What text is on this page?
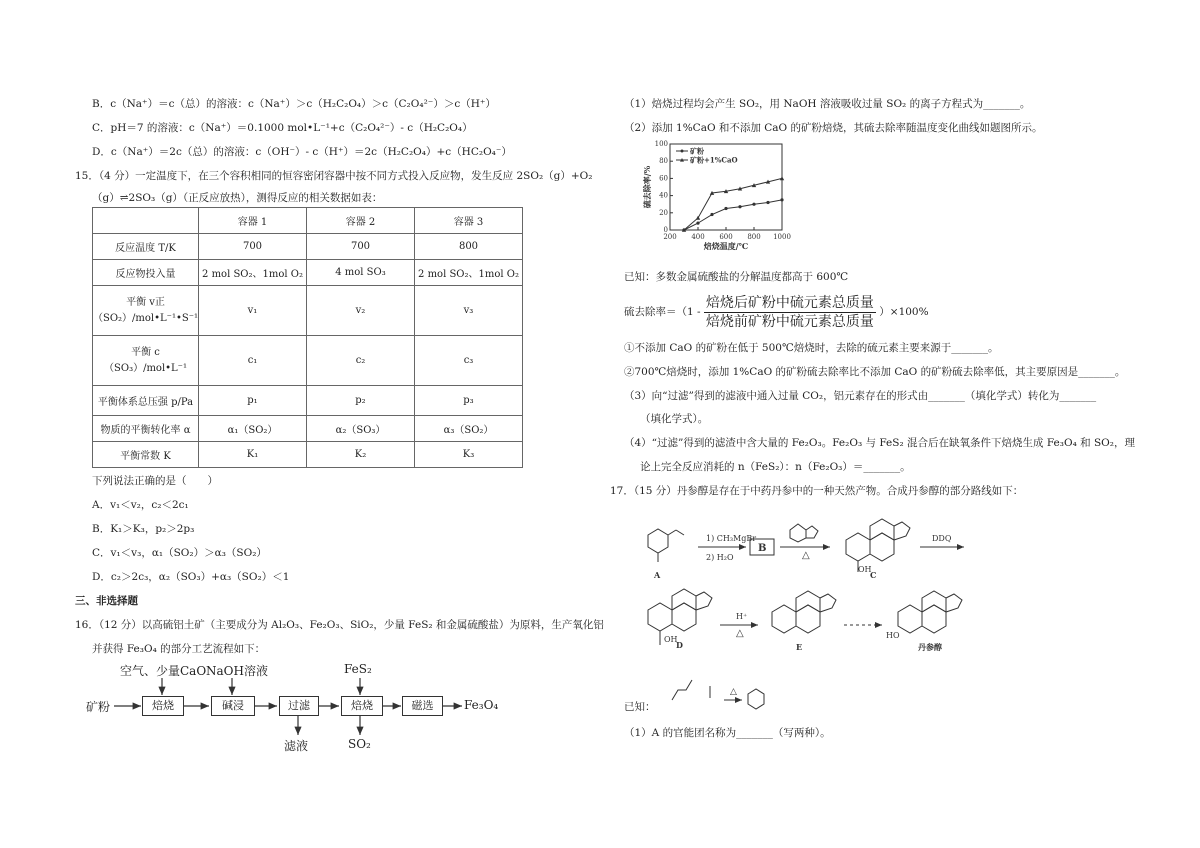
B．c（Na⁺）＝c（总）的溶液：c（Na⁺）＞c（H₂C₂O₄）＞c（C₂O₄²⁻）＞c（H⁺）
C．pH＝7 的溶液：c（Na⁺）＝0.1000 mol•L⁻¹+c（C₂O₄²⁻）- c（H₂C₂O₄）
D．c（Na⁺）＝2c（总）的溶液：c（OH⁻）- c（H⁺）＝2c（H₂C₂O₄）+c（HC₂O₄⁻）
15．（4 分）一定温度下，在三个容积相同的恒容密闭容器中按不同方式投入反应物，发生反应 2SO₂（g）+O₂
（g）⇌2SO₃（g）（正反应放热），测得反应的相关数据如表：
	容器 1	容器 2	容器 3
反应温度 T/K	700	700	800
反应物投入量	2 mol SO₂、1mol O₂	4 mol SO₃	2 mol SO₂、1mol O₂
平衡 v正（SO₂）/mol•L⁻¹•S⁻¹	v₁	v₂	v₃
平衡 c（SO₃）/mol•L⁻¹	c₁	c₂	c₃
平衡体系总压强 p/Pa	p₁	p₂	p₃
物质的平衡转化率 α	α₁（SO₂）	α₂（SO₃）	α₃（SO₂）
平衡常数 K	K₁	K₂	K₃
下列说法正确的是（　　）
A．v₁＜v₂，c₂＜2c₁
B．K₁＞K₃，p₂＞2p₃
C．v₁＜v₃，α₁（SO₂）＞α₃（SO₂）
D．c₂＞2c₃，α₂（SO₃）+α₃（SO₂）＜1
三、非选择题
16．（12 分）以高硫铝土矿（主要成分为 Al₂O₃、Fe₂O₃、SiO₂，少量 FeS₂ 和金属硫酸盐）为原料，生产氧化铝
并获得 Fe₃O₄ 的部分工艺流程如下：
矿粉	焙烧	碱浸	过滤	焙烧	磁选	Fe₃O₄
空气、少量CaO NaOH溶液	FeS₂
滤液	SO₂
（1）焙烧过程均会产生 SO₂，用 NaOH 溶液吸收过量 SO₂ 的离子方程式为_______。
（2）添加 1%CaO 和不添加 CaO 的矿粉焙烧，其硫去除率随温度变化曲线如题图所示。
200 400 600 800 1000
0
20
40
60
80
100
焙烧温度/℃
硫去除率/%
矿粉
矿粉+1%CaO
已知：多数金属硫酸盐的分解温度都高于 600℃
硫去除率＝（1 -
焙烧后矿粉中硫元素总质量
焙烧前矿粉中硫元素总质量
）×100%
①不添加 CaO 的矿粉在低于 500℃焙烧时，去除的硫元素主要来源于_______。
②700℃焙烧时，添加 1%CaO 的矿粉硫去除率比不添加 CaO 的矿粉硫去除率低，其主要原因是_______。
（3）向“过滤”得到的滤液中通入过量 CO₂，铝元素存在的形式由_______（填化学式）转化为_______
（填化学式）。
（4）“过滤”得到的滤渣中含大量的 Fe₂O₃。Fe₂O₃ 与 FeS₂ 混合后在缺氧条件下焙烧生成 Fe₃O₄ 和 SO₂，理
论上完全反应消耗的 n（FeS₂）：n（Fe₂O₃）＝_______。
17．（15 分）丹参醇是存在于中药丹参中的一种天然产物。合成丹参醇的部分路线如下：
1) CH₃MgBr
2) H₂O
B
△
DDQ
H⁺
△
△
A	C
OH
D
OH
E	丹参醇
HO
已知：
（1）A 的官能团名称为_______（写两种）。
